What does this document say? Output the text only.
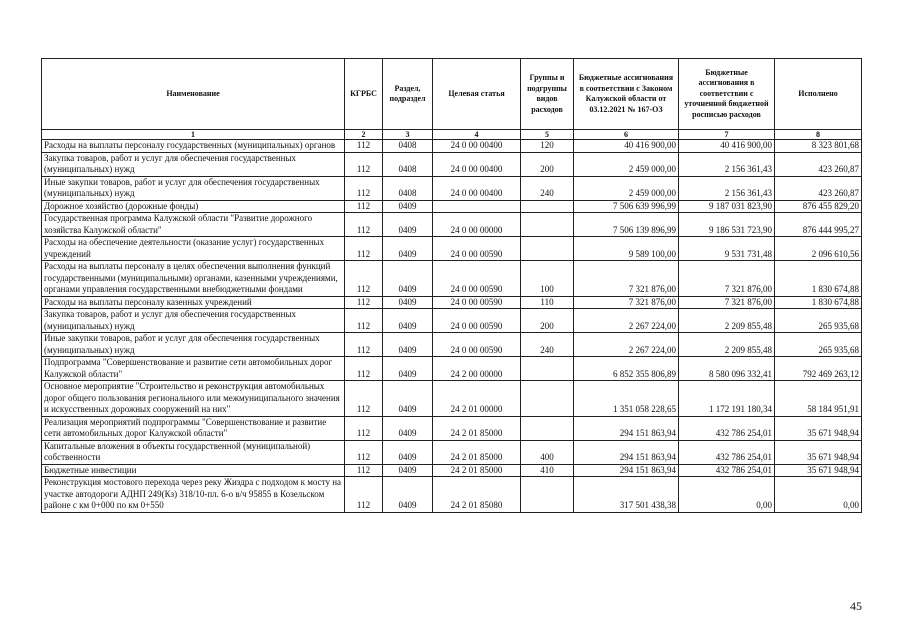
Наименование	КГРБС	Раздел, подраздел	Целевая статья	Группы и подгруппы видов расходов	Бюджетные ассигнования в соответствии с Законом Калужской области от 03.12.2021 № 167-ОЗ	Бюджетные ассигнования в соответствии с уточненной бюджетной росписью расходов	Исполнено
1	2	3	4	5	6	7	8
Расходы на выплаты персоналу государственных (муниципальных) органов	112	0408	24 0 00 00400	120	40 416 900,00	40 416 900,00	8 323 801,68
Закупка товаров, работ и услуг для обеспечения государственных (муниципальных) нужд	112	0408	24 0 00 00400	200	2 459 000,00	2 156 361,43	423 260,87
Иные закупки товаров, работ и услуг для обеспечения государственных (муниципальных) нужд	112	0408	24 0 00 00400	240	2 459 000,00	2 156 361,43	423 260,87
Дорожное хозяйство (дорожные фонды)	112	0409			7 506 639 996,99	9 187 031 823,90	876 455 829,20
Государственная программа Калужской области "Развитие дорожного хозяйства Калужской области"	112	0409	24 0 00 00000		7 506 139 896,99	9 186 531 723,90	876 444 995,27
Расходы на обеспечение деятельности (оказание услуг) государственных учреждений	112	0409	24 0 00 00590		9 589 100,00	9 531 731,48	2 096 610,56
Расходы на выплаты персоналу в целях обеспечения выполнения функций государственными (муниципальными) органами, казенными учреждениями, органами управления государственными внебюджетными фондами	112	0409	24 0 00 00590	100	7 321 876,00	7 321 876,00	1 830 674,88
Расходы на выплаты персоналу казенных учреждений	112	0409	24 0 00 00590	110	7 321 876,00	7 321 876,00	1 830 674,88
Закупка товаров, работ и услуг для обеспечения государственных (муниципальных) нужд	112	0409	24 0 00 00590	200	2 267 224,00	2 209 855,48	265 935,68
Иные закупки товаров, работ и услуг для обеспечения государственных (муниципальных) нужд	112	0409	24 0 00 00590	240	2 267 224,00	2 209 855,48	265 935,68
Подпрограмма "Совершенствование и развитие сети автомобильных дорог Калужской области"	112	0409	24 2 00 00000		6 852 355 806,89	8 580 096 332,41	792 469 263,12
Основное мероприятие "Строительство и реконструкция автомобильных дорог общего пользования регионального или межмуниципального значения и искусственных дорожных сооружений на них"	112	0409	24 2 01 00000		1 351 058 228,65	1 172 191 180,34	58 184 951,91
Реализация мероприятий подпрограммы "Совершенствование и развитие сети автомобильных дорог Калужской области"	112	0409	24 2 01 85000		294 151 863,94	432 786 254,01	35 671 948,94
Капитальные вложения в объекты государственной (муниципальной) собственности	112	0409	24 2 01 85000	400	294 151 863,94	432 786 254,01	35 671 948,94
Бюджетные инвестиции	112	0409	24 2 01 85000	410	294 151 863,94	432 786 254,01	35 671 948,94
Реконструкция мостового перехода через реку Жиздра с подходом к мосту на участке автодороги АДНП 249(Кз) 318/10-пл. 6-о в/ч 95855 в Козельском районе с км 0+000 по км 0+550	112	0409	24 2 01 85080		317 501 438,38	0,00	0,00
45
